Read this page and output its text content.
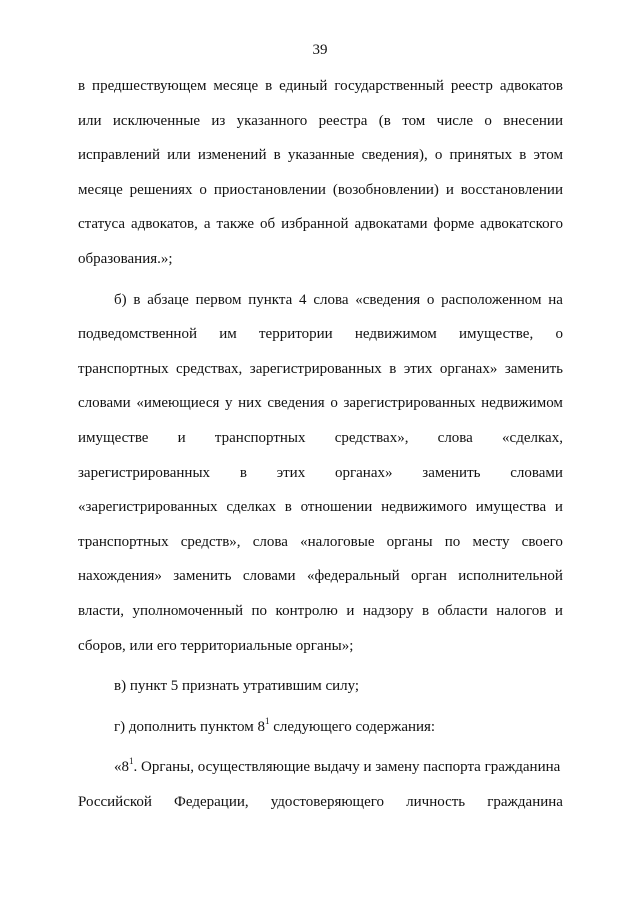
39
в предшествующем месяце в единый государственный реестр адвокатов
или исключенные из указанного реестра (в том числе о внесении
исправлений или изменений в указанные сведения), о принятых в этом
месяце решениях о приостановлении (возобновлении) и восстановлении
статуса адвокатов, а также об избранной адвокатами форме адвокатского
образования.»;
б) в абзаце первом пункта 4 слова «сведения о расположенном на
подведомственной им территории недвижимом имуществе, о
транспортных средствах, зарегистрированных в этих органах» заменить
словами «имеющиеся у них сведения о зарегистрированных недвижимом
имуществе и транспортных средствах», слова «сделках,
зарегистрированных в этих органах» заменить словами
«зарегистрированных сделках в отношении недвижимого имущества и
транспортных средств», слова «налоговые органы по месту своего
нахождения» заменить словами «федеральный орган исполнительной
власти, уполномоченный по контролю и надзору в области налогов и
сборов, или его территориальные органы»;
в) пункт 5 признать утратившим силу;
г) дополнить пунктом $8^1$ следующего содержания:
«$8^1$. Органы, осуществляющие выдачу и замену паспорта гражданина
Российской Федерации, удостоверяющего личность гражданина
